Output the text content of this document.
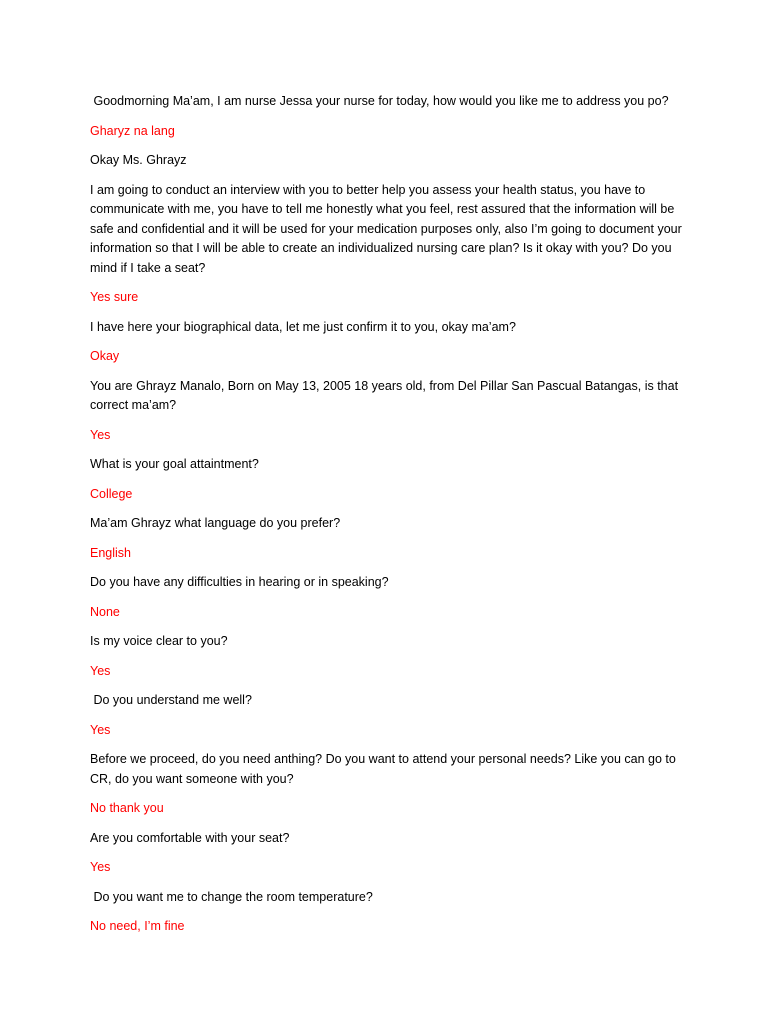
Goodmorning Ma’am, I am nurse Jessa your nurse for today, how would you like me to address you po?

Gharyz na lang

Okay Ms. Ghrayz

I am going to conduct an interview with you to better help you assess your health status, you have to communicate with me, you have to tell me honestly what you feel, rest assured that the information will be safe and confidential and it will be used for your medication purposes only, also I’m going to document your information so that I will be able to create an individualized nursing care plan? Is it okay with you? Do you mind if I take a seat?

Yes sure

I have here your biographical data, let me just confirm it to you, okay ma’am?

Okay

You are Ghrayz Manalo, Born on May 13, 2005 18 years old, from Del Pillar San Pascual Batangas, is that correct ma’am?

Yes

What is your goal attaintment?

College

Ma’am Ghrayz what language do you prefer?

English

Do you have any difficulties in hearing or in speaking?

None

Is my voice clear to you?

Yes

Do you understand me well?

Yes

Before we proceed, do you need anthing? Do you want to attend your personal needs? Like you can go to CR, do you want someone with you?

No thank you

Are you comfortable with your seat?

Yes

Do you want me to change the room temperature?

No need, I’m fine
